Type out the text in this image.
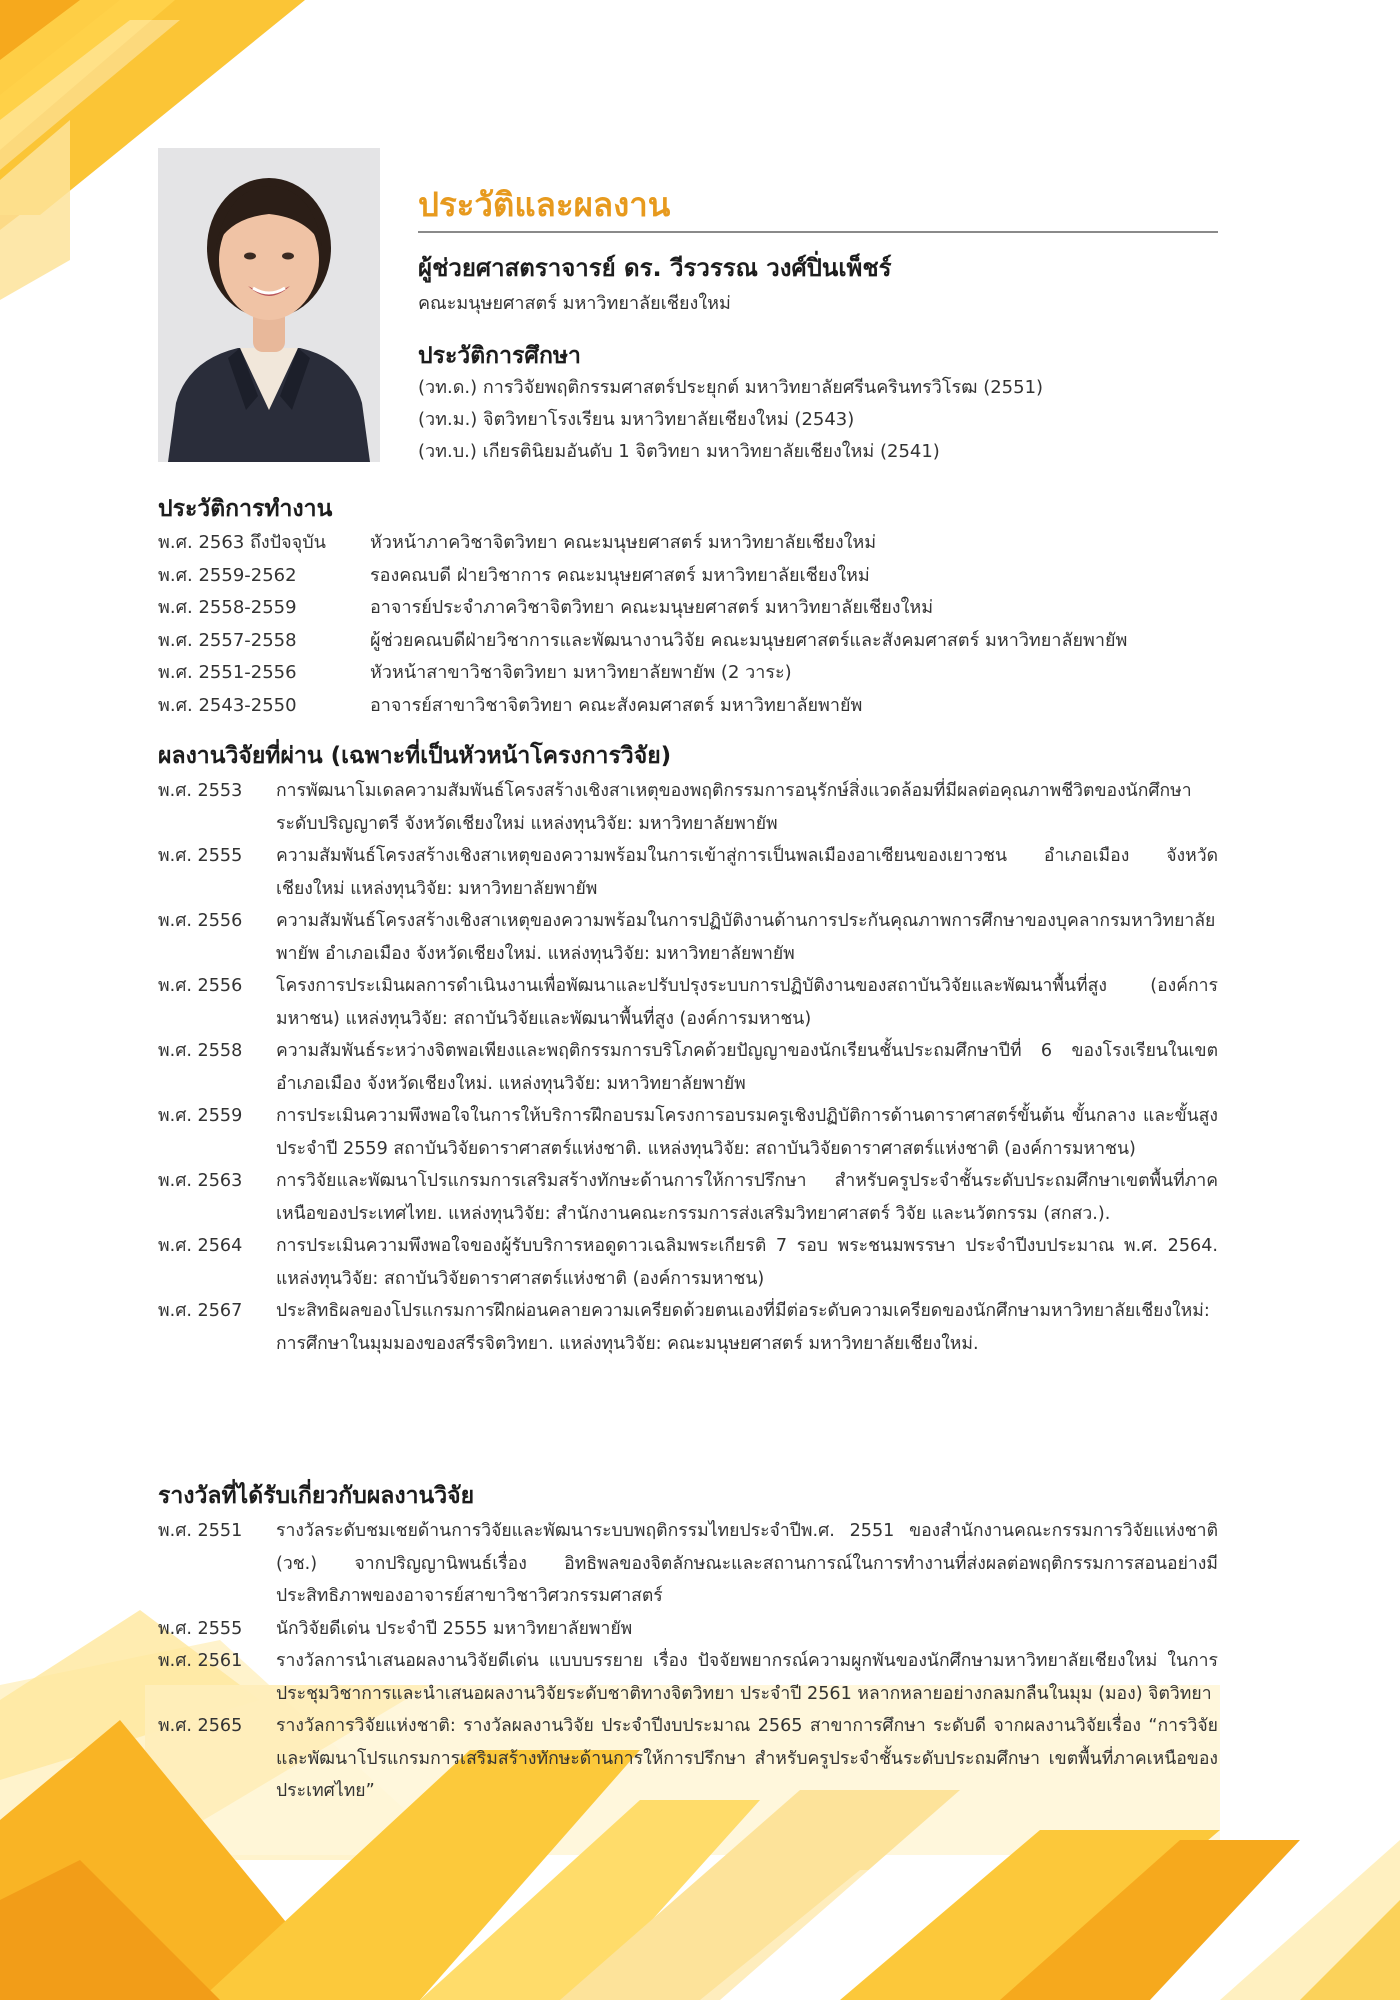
ประวัติและผลงาน
ผู้ช่วยศาสตราจารย์ ดร. วีรวรรณ วงศ์ปิ่นเพ็ชร์
คณะมนุษยศาสตร์ มหาวิทยาลัยเชียงใหม่
ประวัติการศึกษา
(วท.ด.) การวิจัยพฤติกรรมศาสตร์ประยุกต์ มหาวิทยาลัยศรีนครินทรวิโรฒ (2551)
(วท.ม.) จิตวิทยาโรงเรียน มหาวิทยาลัยเชียงใหม่ (2543)
(วท.บ.) เกียรตินิยมอันดับ 1 จิตวิทยา มหาวิทยาลัยเชียงใหม่ (2541)
ประวัติการทำงาน
พ.ศ. 2563 ถึงปัจจุบัน	หัวหน้าภาควิชาจิตวิทยา คณะมนุษยศาสตร์ มหาวิทยาลัยเชียงใหม่
พ.ศ. 2559-2562	รองคณบดี ฝ่ายวิชาการ คณะมนุษยศาสตร์ มหาวิทยาลัยเชียงใหม่
พ.ศ. 2558-2559	อาจารย์ประจำภาควิชาจิตวิทยา คณะมนุษยศาสตร์ มหาวิทยาลัยเชียงใหม่
พ.ศ. 2557-2558	ผู้ช่วยคณบดีฝ่ายวิชาการและพัฒนางานวิจัย คณะมนุษยศาสตร์และสังคมศาสตร์ มหาวิทยาลัยพายัพ
พ.ศ. 2551-2556	หัวหน้าสาขาวิชาจิตวิทยา มหาวิทยาลัยพายัพ (2 วาระ)
พ.ศ. 2543-2550	อาจารย์สาขาวิชาจิตวิทยา คณะสังคมศาสตร์ มหาวิทยาลัยพายัพ
ผลงานวิจัยที่ผ่าน (เฉพาะที่เป็นหัวหน้าโครงการวิจัย)
พ.ศ. 2553	การพัฒนาโมเดลความสัมพันธ์โครงสร้างเชิงสาเหตุของพฤติกรรมการอนุรักษ์สิ่งแวดล้อมที่มีผลต่อคุณภาพชีวิตของนักศึกษาระดับปริญญาตรี จังหวัดเชียงใหม่ แหล่งทุนวิจัย: มหาวิทยาลัยพายัพ
พ.ศ. 2555	ความสัมพันธ์โครงสร้างเชิงสาเหตุของความพร้อมในการเข้าสู่การเป็นพลเมืองอาเซียนของเยาวชน อำเภอเมือง จังหวัดเชียงใหม่ แหล่งทุนวิจัย: มหาวิทยาลัยพายัพ
พ.ศ. 2556	ความสัมพันธ์โครงสร้างเชิงสาเหตุของความพร้อมในการปฏิบัติงานด้านการประกันคุณภาพการศึกษาของบุคลากรมหาวิทยาลัยพายัพ อำเภอเมือง จังหวัดเชียงใหม่. แหล่งทุนวิจัย: มหาวิทยาลัยพายัพ
พ.ศ. 2556	โครงการประเมินผลการดำเนินงานเพื่อพัฒนาและปรับปรุงระบบการปฏิบัติงานของสถาบันวิจัยและพัฒนาพื้นที่สูง (องค์การมหาชน) แหล่งทุนวิจัย: สถาบันวิจัยและพัฒนาพื้นที่สูง (องค์การมหาชน)
พ.ศ. 2558	ความสัมพันธ์ระหว่างจิตพอเพียงและพฤติกรรมการบริโภคด้วยปัญญาของนักเรียนชั้นประถมศึกษาปีที่ 6 ของโรงเรียนในเขตอำเภอเมือง จังหวัดเชียงใหม่. แหล่งทุนวิจัย: มหาวิทยาลัยพายัพ
พ.ศ. 2559	การประเมินความพึงพอใจในการให้บริการฝึกอบรมโครงการอบรมครูเชิงปฏิบัติการด้านดาราศาสตร์ขั้นต้น ขั้นกลาง และขั้นสูง ประจำปี 2559 สถาบันวิจัยดาราศาสตร์แห่งชาติ. แหล่งทุนวิจัย: สถาบันวิจัยดาราศาสตร์แห่งชาติ (องค์การมหาชน)
พ.ศ. 2563	การวิจัยและพัฒนาโปรแกรมการเสริมสร้างทักษะด้านการให้การปรึกษา สำหรับครูประจำชั้นระดับประถมศึกษาเขตพื้นที่ภาคเหนือของประเทศไทย. แหล่งทุนวิจัย: สำนักงานคณะกรรมการส่งเสริมวิทยาศาสตร์ วิจัย และนวัตกรรม (สกสว.).
พ.ศ. 2564	การประเมินความพึงพอใจของผู้รับบริการหอดูดาวเฉลิมพระเกียรติ 7 รอบ พระชนมพรรษา ประจำปีงบประมาณ พ.ศ. 2564. แหล่งทุนวิจัย: สถาบันวิจัยดาราศาสตร์แห่งชาติ (องค์การมหาชน)
พ.ศ. 2567	ประสิทธิผลของโปรแกรมการฝึกผ่อนคลายความเครียดด้วยตนเองที่มีต่อระดับความเครียดของนักศึกษามหาวิทยาลัยเชียงใหม่: การศึกษาในมุมมองของสรีรจิตวิทยา. แหล่งทุนวิจัย: คณะมนุษยศาสตร์ มหาวิทยาลัยเชียงใหม่.
รางวัลที่ได้รับเกี่ยวกับผลงานวิจัย
พ.ศ. 2551	รางวัลระดับชมเชยด้านการวิจัยและพัฒนาระบบพฤติกรรมไทยประจำปีพ.ศ. 2551 ของสำนักงานคณะกรรมการวิจัยแห่งชาติ (วช.) จากปริญญานิพนธ์เรื่อง อิทธิพลของจิตลักษณะและสถานการณ์ในการทำงานที่ส่งผลต่อพฤติกรรมการสอนอย่างมีประสิทธิภาพของอาจารย์สาขาวิชาวิศวกรรมศาสตร์
พ.ศ. 2555	นักวิจัยดีเด่น ประจำปี 2555 มหาวิทยาลัยพายัพ
พ.ศ. 2561	รางวัลการนำเสนอผลงานวิจัยดีเด่น แบบบรรยาย เรื่อง ปัจจัยพยากรณ์ความผูกพันของนักศึกษามหาวิทยาลัยเชียงใหม่ ในการประชุมวิชาการและนำเสนอผลงานวิจัยระดับชาติทางจิตวิทยา ประจำปี 2561 หลากหลายอย่างกลมกลืนในมุม (มอง) จิตวิทยา
พ.ศ. 2565	รางวัลการวิจัยแห่งชาติ: รางวัลผลงานวิจัย ประจำปีงบประมาณ 2565 สาขาการศึกษา ระดับดี จากผลงานวิจัยเรื่อง “การวิจัยและพัฒนาโปรแกรมการเสริมสร้างทักษะด้านการให้การปรึกษา สำหรับครูประจำชั้นระดับประถมศึกษา เขตพื้นที่ภาคเหนือของประเทศไทย”
